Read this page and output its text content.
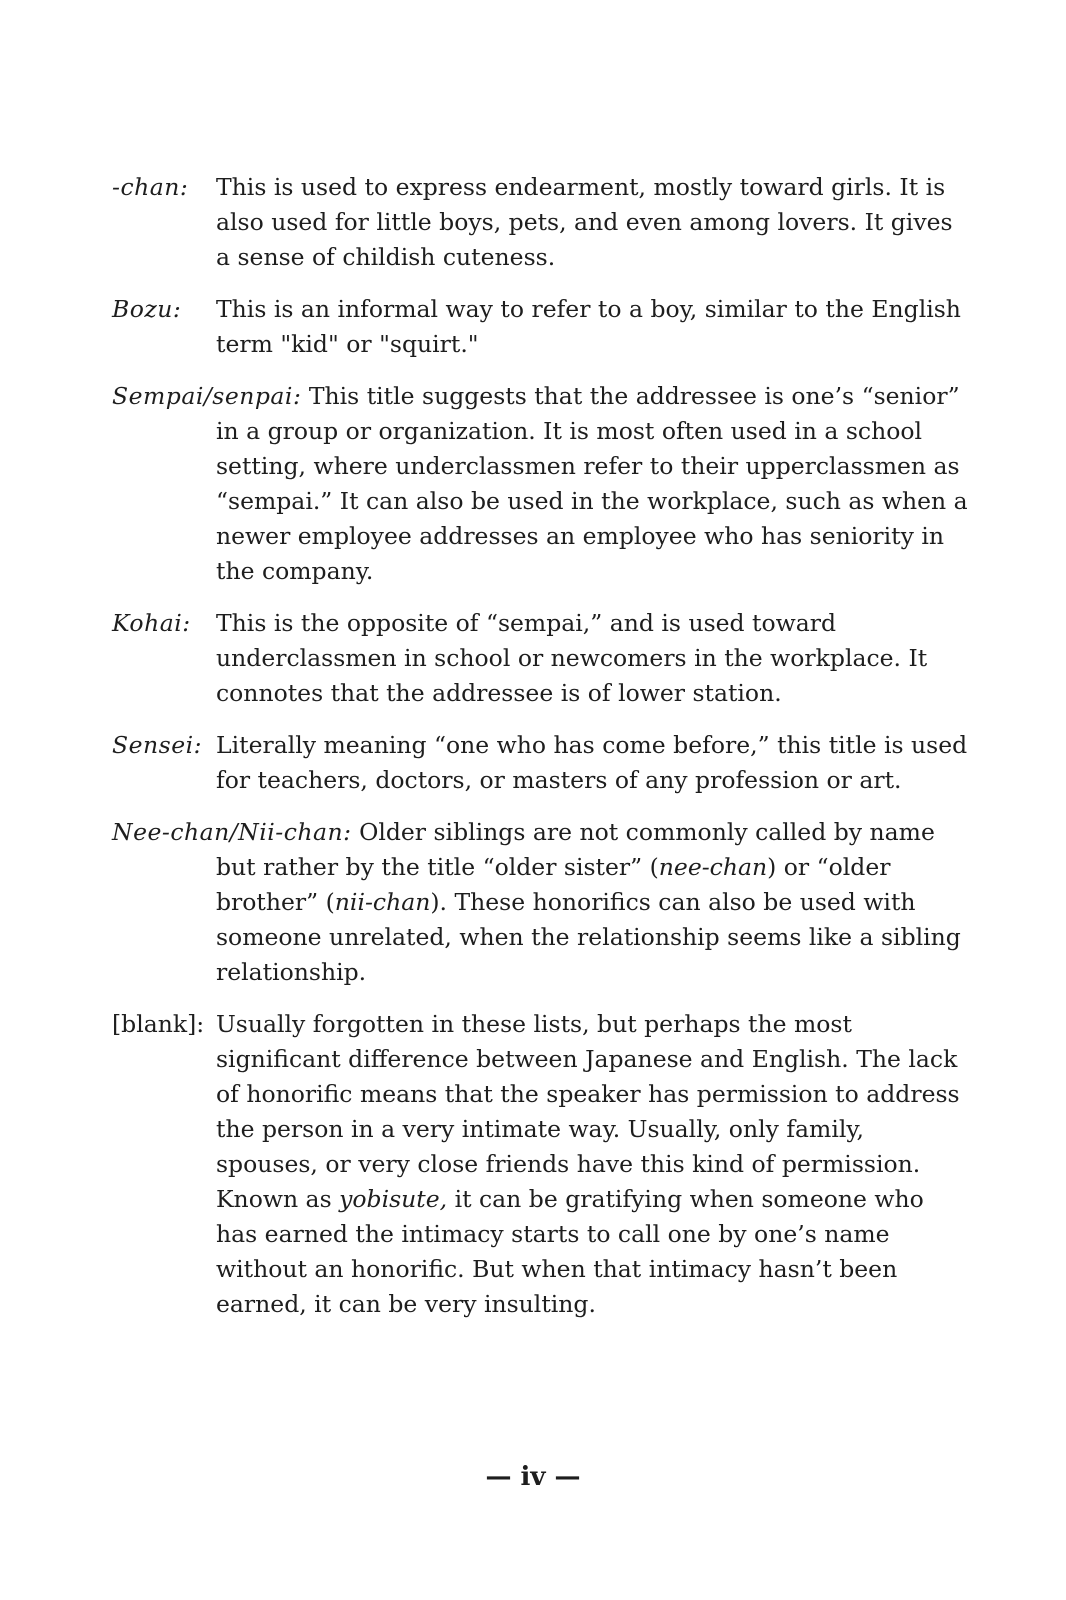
-chan:	This is used to express endearment, mostly toward girls. It is also used for little boys, pets, and even among lovers. It gives a sense of childish cuteness.
Bozu:	This is an informal way to refer to a boy, similar to the English term "kid" or "squirt."
Sempai/senpai: This title suggests that the addressee is one’s “senior” in a group or organization. It is most often used in a school setting, where underclassmen refer to their upperclassmen as “sempai.” It can also be used in the workplace, such as when a newer employee addresses an employee who has seniority in the company.
Kohai:	This is the opposite of “sempai,” and is used toward underclassmen in school or newcomers in the workplace. It connotes that the addressee is of lower station.
Sensei: Literally meaning “one who has come before,” this title is used for teachers, doctors, or masters of any profession or art.
Nee-chan/Nii-chan: Older siblings are not commonly called by name but rather by the title “older sister” (nee-chan) or “older brother” (nii-chan). These honorifics can also be used with someone unrelated, when the relationship seems like a sibling relationship.
[blank]: Usually forgotten in these lists, but perhaps the most significant difference between Japanese and English. The lack of honorific means that the speaker has permission to address the person in a very intimate way. Usually, only family, spouses, or very close friends have this kind of permission. Known as yobisute, it can be gratifying when someone who has earned the intimacy starts to call one by one’s name without an honorific. But when that intimacy hasn’t been earned, it can be very insulting.
— iv —
